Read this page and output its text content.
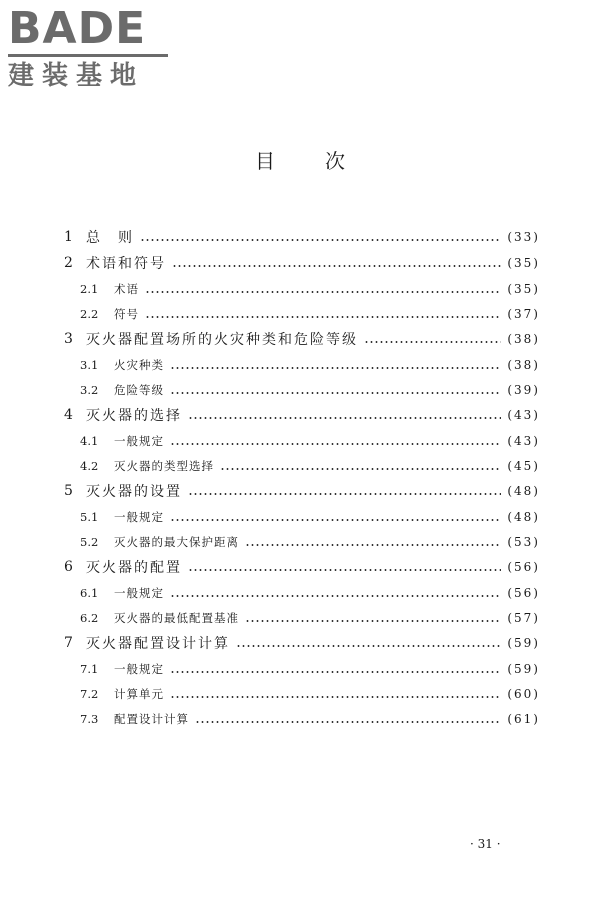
BADE
建装基地
目次
1 总　则	(33)
2 术语和符号	(35)
2.1	术语	(35)
2.2	符号	(37)
3 灭火器配置场所的火灾种类和危险等级	(38)
3.1	火灾种类	(38)
3.2	危险等级	(39)
4 灭火器的选择	(43)
4.1	一般规定	(43)
4.2	灭火器的类型选择	(45)
5 灭火器的设置	(48)
5.1	一般规定	(48)
5.2	灭火器的最大保护距离	(53)
6 灭火器的配置	(56)
6.1	一般规定	(56)
6.2	灭火器的最低配置基准	(57)
7 灭火器配置设计计算	(59)
7.1	一般规定	(59)
7.2	计算单元	(60)
7.3	配置设计计算	(61)
· 31 ·
